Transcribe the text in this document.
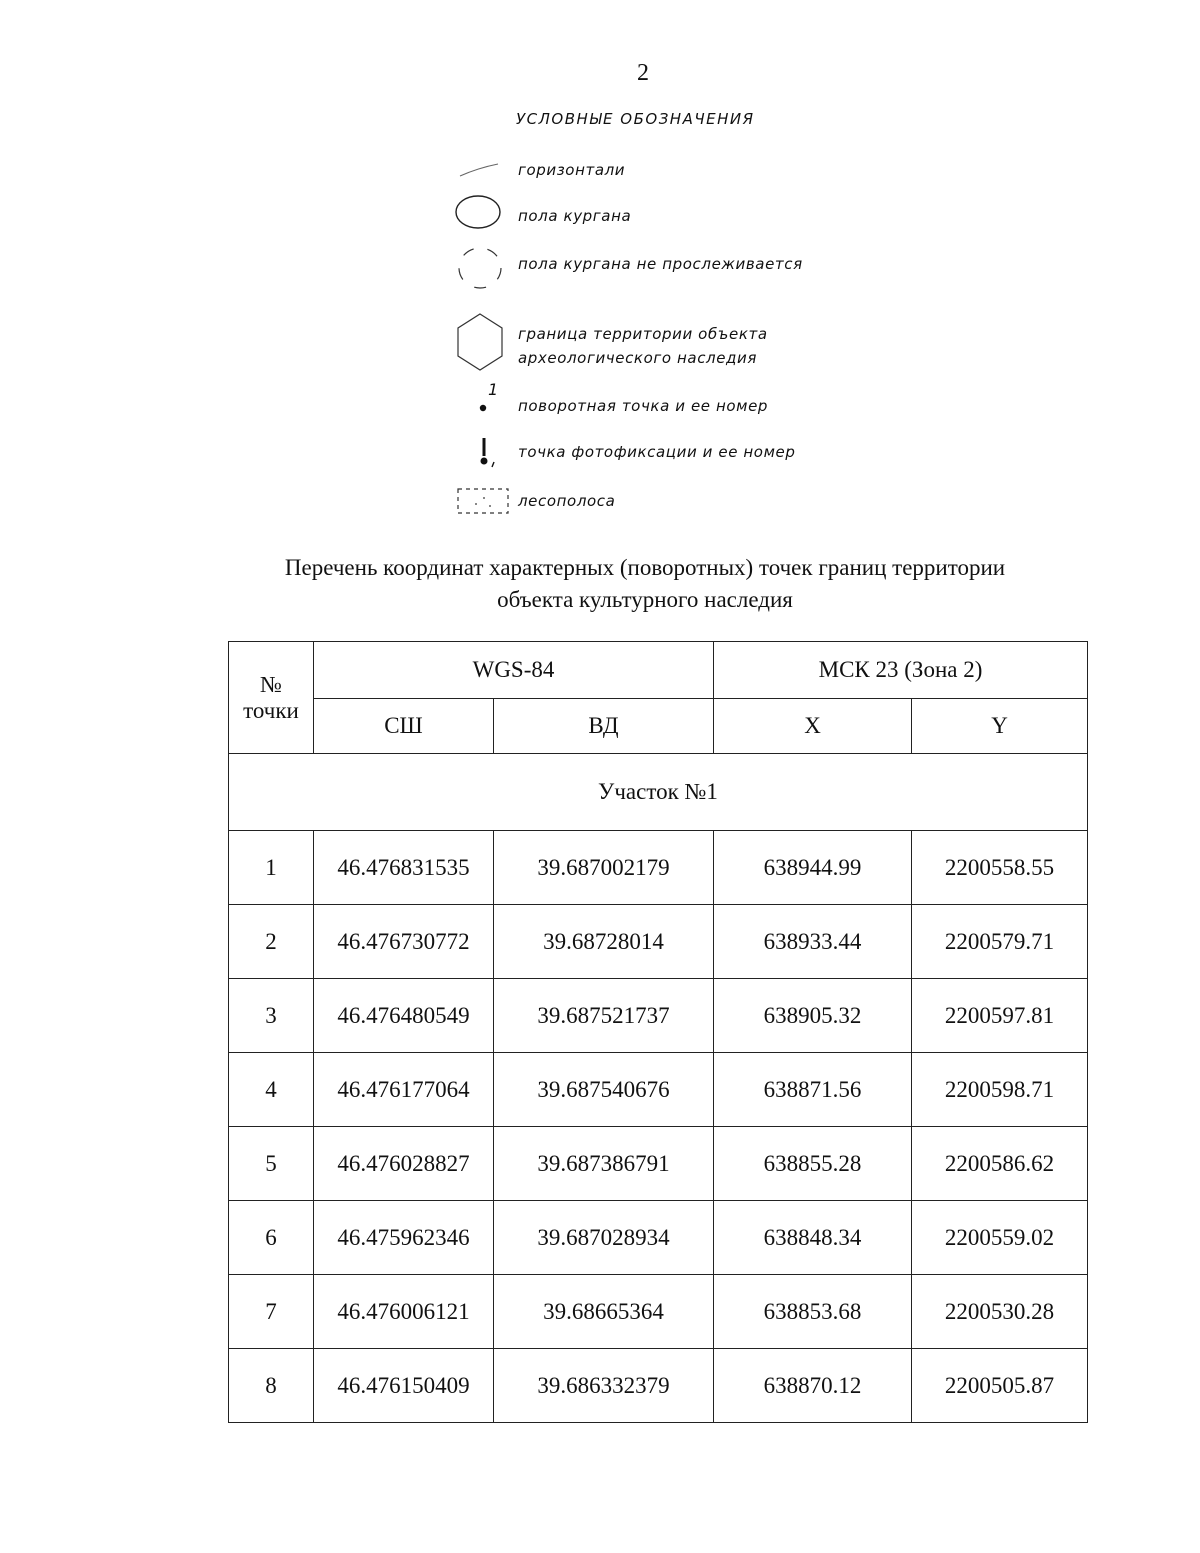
2
УСЛОВНЫЕ ОБОЗНАЧЕНИЯ
горизонтали
пола кургана
пола кургана не прослеживается
граница территории объекта
археологического наследия
1
поворотная точка и ее номер
точка фотофиксации и ее номер
лесополоса
Перечень координат характерных (поворотных) точек границ территории
объекта культурного наследия
№
точки	WGS-84		МСК 23 (Зона 2)	
	СШ	ВД	X	Y
Участок №1				
1	46.476831535	39.687002179	638944.99	2200558.55
2	46.476730772	39.68728014	638933.44	2200579.71
3	46.476480549	39.687521737	638905.32	2200597.81
4	46.476177064	39.687540676	638871.56	2200598.71
5	46.476028827	39.687386791	638855.28	2200586.62
6	46.475962346	39.687028934	638848.34	2200559.02
7	46.476006121	39.68665364	638853.68	2200530.28
8	46.476150409	39.686332379	638870.12	2200505.87
